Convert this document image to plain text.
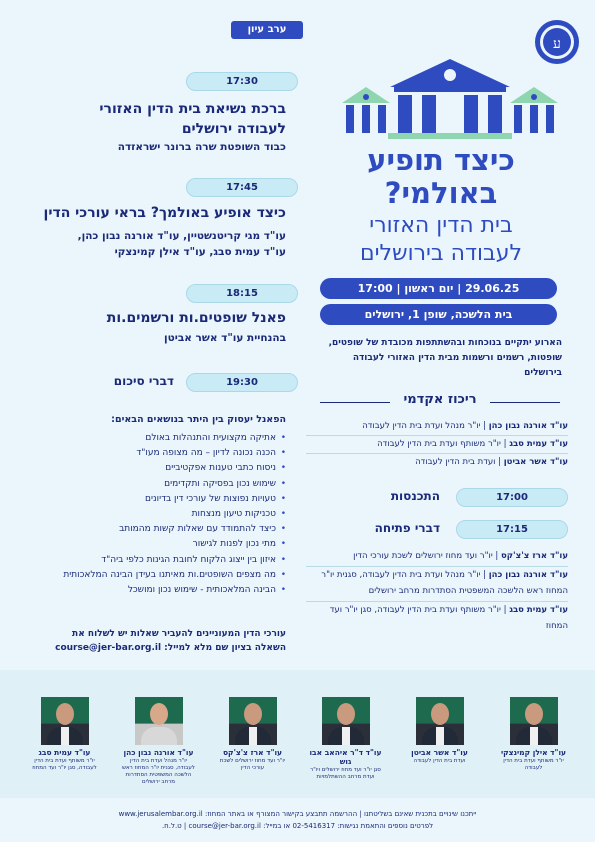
ערב עיון
ע
כיצד תופיע
באולמי?
בית הדין האזורי
לעבודה בירושלים
29.06.25 | יום ראשון | 17:00
בית הלשכה, שופן 1, ירושלים
הארוע יתקיים בנוכחות ובהשתתפות מכובדת של שופטים, שופטות, רשמים ורשמות מבית הדין האזורי לעבודה בירושלים
ריכוז אקדמי
עו"ד אורנה נבון כהן | יו"ר מנהל ועדת בית הדין לעבודה
עו"ד עמית סבג | יו"ר משותף ועדת בית הדין לעבודה
עו"ד אשר אביטן | ועדת בית הדין לעבודה
17:00
התכנסות
17:15
דברי פתיחה
עו"ד ארז צ'צ'קס | יו"ר ועד מחוז ירושלים לשכת עורכי הדין
עו"ד אורנה נבון כהן | יו"ר מנהל ועדת בית הדין לעבודה, סגנית יו"ר המחוז ראש הלשכה המשפטית הסתדרות מרחב ירושלים
עו"ד עמית סבג | יו"ר משותף ועדת בית הדין לעבודה, סגן יו"ר ועד המחוז
17:30
ברכת נשיאת בית הדין האזורי
לעבודה ירושלים
כבוד השופטת שרה ברונר ישראזדה
17:45
כיצד אופיע באולמך? בראי עורכי הדין
עו"ד מגי קריטנשטיין, עו"ד אורנה נבון כהן,
עו"ד עמית סבג, עו"ד אילן קמינצקי
18:15
פאנל שופטים.ות ורשמים.ות
בהנחיית עו"ד אשר אביטן
19:30
דברי סיכום
הפאנל יעסוק בין היתר בנושאים הבאים:
• אתיקה מקצועית והתנהלות באולם
• הכנה נכונה לדיון – מה מצופה מעו"ד
• ניסוח כתבי טענות אפקטיביים
• שימוש נכון בפסיקה ותקדימים
• טעויות נפוצות של עורכי דין בדיונים
• טכניקות טיעון מנצחות
• כיצד להתמודד עם שאלות קשות מהמותב
• מתי נכון לפנות לגישור
• איזון בין ייצוג הלקוח לחובת הגינות כלפי ביה"ד
• מה מצפים השופטים.ות מאיתנו בעידן הבינה המלאכותית
• הבינה המלאכותית - שימוש נכון ומושכל
עורכי הדין המעוניינים להעביר שאלות יש לשלוח את
השאלה בציון שם מלא למייל: course@jer-bar.org.il
עו"ד אילן קמינצקי
יו"ר משותף ועדת בית הדין לעבודה
עו"ד אשר אביטן
ועדת בית הדין לעבודה
עו"ד ד"ר איהאב אבו גוש
סגן יו"ר ועד מחוז ירושלים ויו"ר ועדת מרחב ההשתלמויות
עו"ד ארז צ'צ'קס
יו"ר ועד מחוז ירושלים לשכת עורכי הדין
עו"ד אורנה נבון כהן
יו"ר מנהל ועדת בית הדין לעבודה, סגנית יו"ר המחוז ראש הלשכה המשפטית הסתדרות מרחב ירושלים
עו"ד עמית סבג
יו"ר משותף ועדת בית הדין לעבודה, סגן יו"ר ועד המחוז
ייתכנו שינויים בתכנית שאינם בשליטתנו | ההרשמה תתבצע בקישור המצורף או באתר המחוז: www.jerusalembar.org.il
לפרטים נוספים והתאמת נגישות: 02-5416317 או במייל: course@jer-bar.org.il | ט.ל.ח.
